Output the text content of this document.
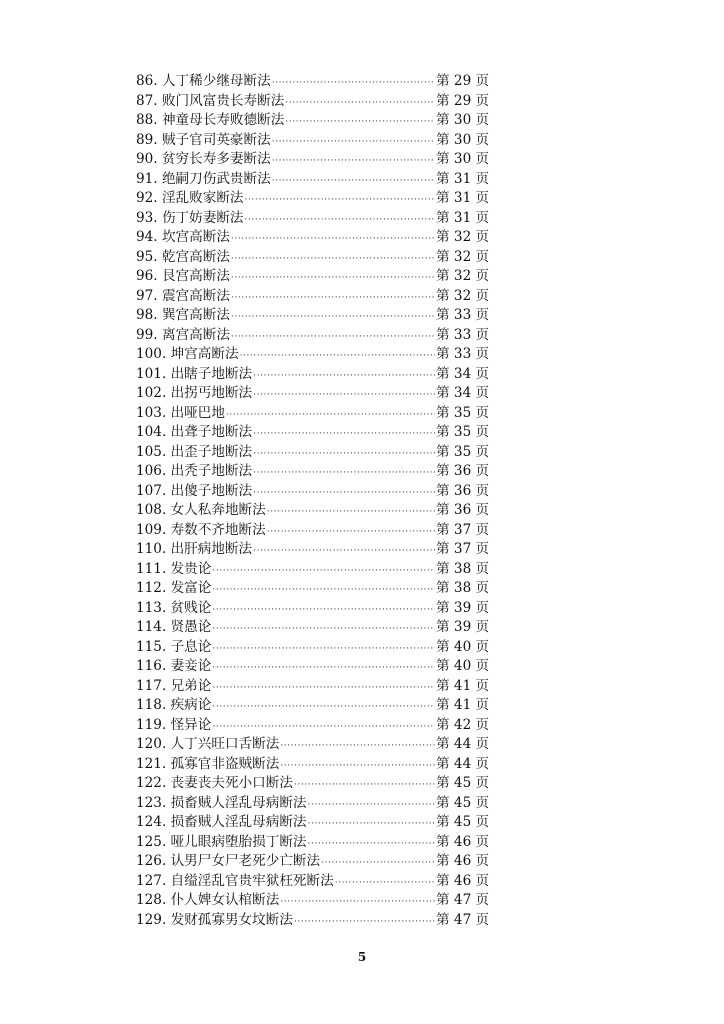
86. 人丁稀少继母断法 ·····	第 29 页
87. 败门风富贵长寿断法 ·····	第 29 页
88. 神童母长寿败德断法 ·····	第 30 页
89. 贼子官司英豪断法 ·····	第 30 页
90. 贫穷长寿多妻断法 ·····	第 30 页
91. 绝嗣刀伤武贵断法 ·····	第 31 页
92. 淫乱败家断法 ·····	第 31 页
93. 伤丁妨妻断法 ·····	第 31 页
94. 坎宫高断法 ·····	第 32 页
95. 乾宫高断法 ·····	第 32 页
96. 艮宫高断法 ·····	第 32 页
97. 震宫高断法 ·····	第 32 页
98. 巽宫高断法 ·····	第 33 页
99. 离宫高断法 ·····	第 33 页
100. 坤宫高断法 ·····	第 33 页
101. 出瞎子地断法 ·····	第 34 页
102. 出拐丐地断法 ·····	第 34 页
103. 出哑巴地 ·····	第 35 页
104. 出聋子地断法 ·····	第 35 页
105. 出歪子地断法 ·····	第 35 页
106. 出秃子地断法 ·····	第 36 页
107. 出傻子地断法 ·····	第 36 页
108. 女人私奔地断法 ·····	第 36 页
109. 寿数不齐地断法 ·····	第 37 页
110. 出肝病地断法 ·····	第 37 页
111. 发贵论 ·····	第 38 页
112. 发富论 ·····	第 38 页
113. 贫贱论 ·····	第 39 页
114. 贤愚论 ·····	第 39 页
115. 子息论 ·····	第 40 页
116. 妻妾论 ·····	第 40 页
117. 兄弟论 ·····	第 41 页
118. 疾病论 ·····	第 41 页
119. 怪异论 ·····	第 42 页
120. 人丁兴旺口舌断法 ·····	第 44 页
121. 孤寡官非盗贼断法 ·····	第 44 页
122. 丧妻丧夫死小口断法 ·····	第 45 页
123. 损畜贼人淫乱母病断法 ·····	第 45 页
124. 损畜贼人淫乱母病断法 ·····	第 45 页
125. 哑儿眼病堕胎损丁断法 ·····	第 46 页
126. 认男尸女尸老死少亡断法 ·····	第 46 页
127. 自缢淫乱官贵牢狱枉死断法 ·····	第 46 页
128. 仆人婢女认棺断法 ·····	第 47 页
129. 发财孤寡男女坟断法 ·····	第 47 页
5
